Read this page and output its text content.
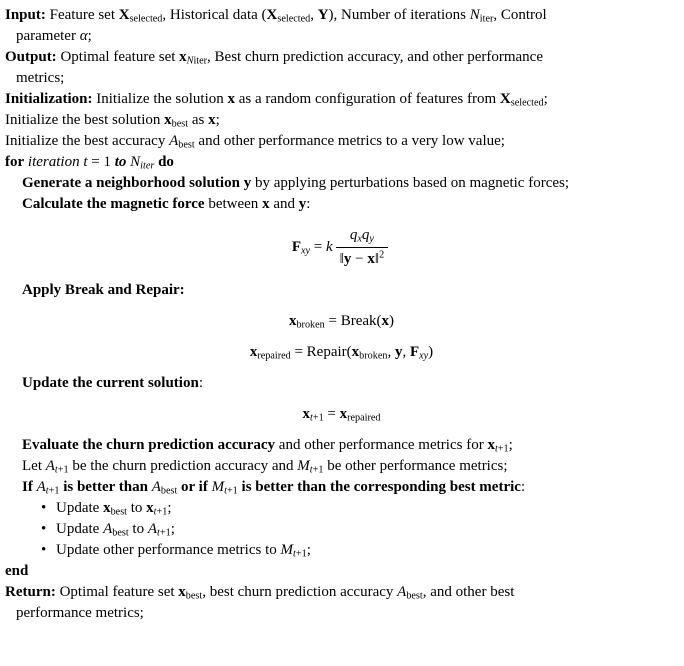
Input: Feature set $X_{selected}$, Historical data ($X_{selected}$, Y), Number of iterations $N_{iter}$, Control
parameter α;
Output: Optimal feature set $x_{Niter}$, Best churn prediction accuracy, and other performance
metrics;
Initialization: Initialize the solution x as a random configuration of features from $X_{selected}$;
Initialize the best solution $x_{best}$ as x;
Initialize the best accuracy $A_{best}$ and other performance metrics to a very low value;
for iteration t = 1 to $N_{iter}$ do
Generate a neighborhood solution y by applying perturbations based on magnetic forces;
Calculate the magnetic force between x and y:
$F_{xy} = k \frac{q_xq_y}{‖y - x‖^2}$
Apply Break and Repair:
$x_{broken}$ = Break(x)
$x_{repaired}$ = $Repair(x_{broken}$, y, $F_{xy}$)
Update the current solution:
$x_{t+1} = x_{repaired}$
Evaluate the churn prediction accuracy and other performance metrics for $x_{t+1}$;
Let $A_{t+1}$ be the churn prediction accuracy and $M_{t+1}$ be other performance metrics;
If $A_{t+1}$ is better than $A_{best}$ or if $M_{t+1}$ is better than the corresponding best metric:
• Update $x_{best}$ to $x_{t+1}$;
• Update $A_{best}$ to $A_{t+1}$;
• Update other performance metrics to $M_{t+1}$;
end
Return: Optimal feature set $x_{best}$, best churn prediction accuracy $A_{best}$, and other best
performance metrics;
